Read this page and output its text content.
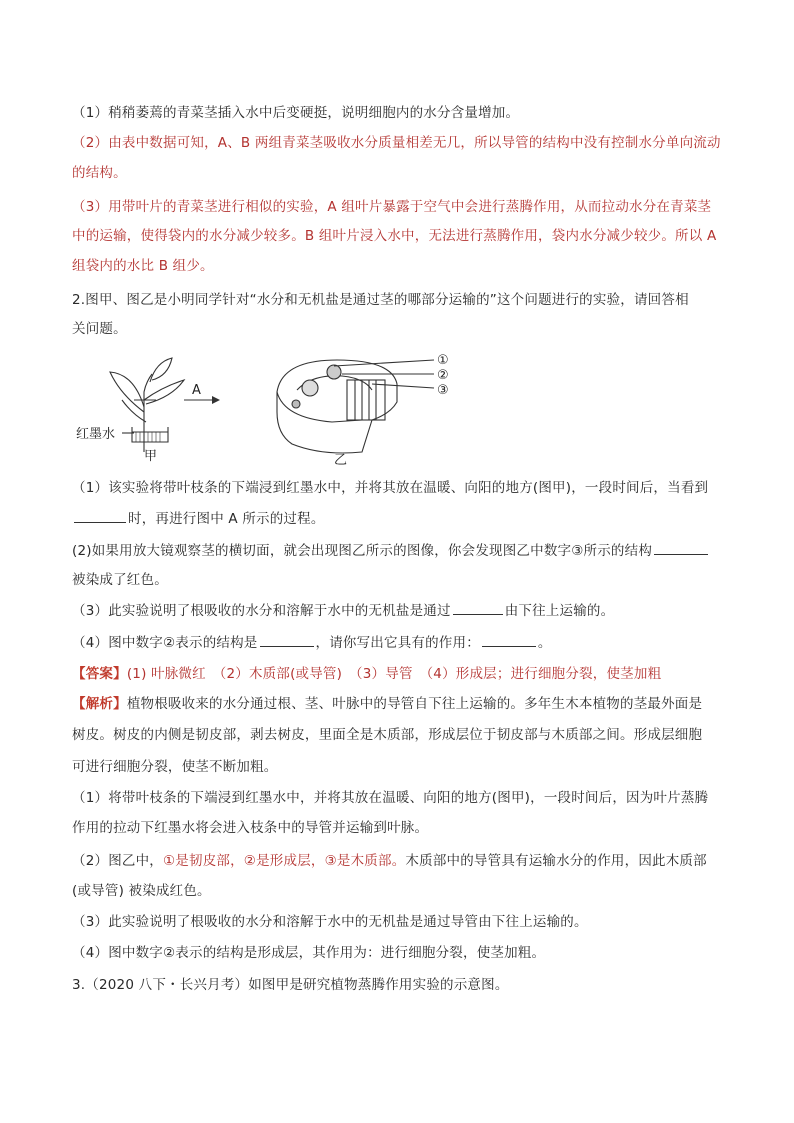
（1）稍稍萎蔫的青菜茎插入水中后变硬挺，说明细胞内的水分含量增加。
（2）由表中数据可知，A、B 两组青菜茎吸收水分质量相差无几，所以导管的结构中没有控制水分单向流动
的结构。
（3）用带叶片的青菜茎进行相似的实验，A 组叶片暴露于空气中会进行蒸腾作用，从而拉动水分在青菜茎
中的运输，使得袋内的水分减少较多。B 组叶片浸入水中，无法进行蒸腾作用，袋内水分减少较少。所以 A
组袋内的水比 B 组少。
2.图甲、图乙是小明同学针对“水分和无机盐是通过茎的哪部分运输的”这个问题进行的实验，请回答相
关问题。
A
红墨水
甲
①
②
③
乙
（1）该实验将带叶枝条的下端浸到红墨水中，并将其放在温暖、向阳的地方(图甲)，一段时间后，当看到
时，再进行图中 A 所示的过程。
(2)如果用放大镜观察茎的横切面，就会出现图乙所示的图像，你会发现图乙中数字③所示的结构
被染成了红色。
（3）此实验说明了根吸收的水分和溶解于水中的无机盐是通过	由下往上运输的。
（4）图中数字②表示的结构是	，请你写出它具有的作用：	。
【答案】(1) 叶脉微红　（2）木质部(或导管)　（3）导管　（4）形成层；进行细胞分裂，使茎加粗
【解析】植物根吸收来的水分通过根、茎、叶脉中的导管自下往上运输的。多年生木本植物的茎最外面是
树皮。树皮的内侧是韧皮部，剥去树皮，里面全是木质部，形成层位于韧皮部与木质部之间。形成层细胞
可进行细胞分裂，使茎不断加粗。
（1）将带叶枝条的下端浸到红墨水中，并将其放在温暖、向阳的地方(图甲)，一段时间后，因为叶片蒸腾
作用的拉动下红墨水将会进入枝条中的导管并运输到叶脉。
（2）图乙中，①是韧皮部，②是形成层，③是木质部。木质部中的导管具有运输水分的作用，因此木质部
(或导管) 被染成红色。
（3）此实验说明了根吸收的水分和溶解于水中的无机盐是通过导管由下往上运输的。
（4）图中数字②表示的结构是形成层，其作用为：进行细胞分裂，使茎加粗。
3.（2020 八下・长兴月考）如图甲是研究植物蒸腾作用实验的示意图。
